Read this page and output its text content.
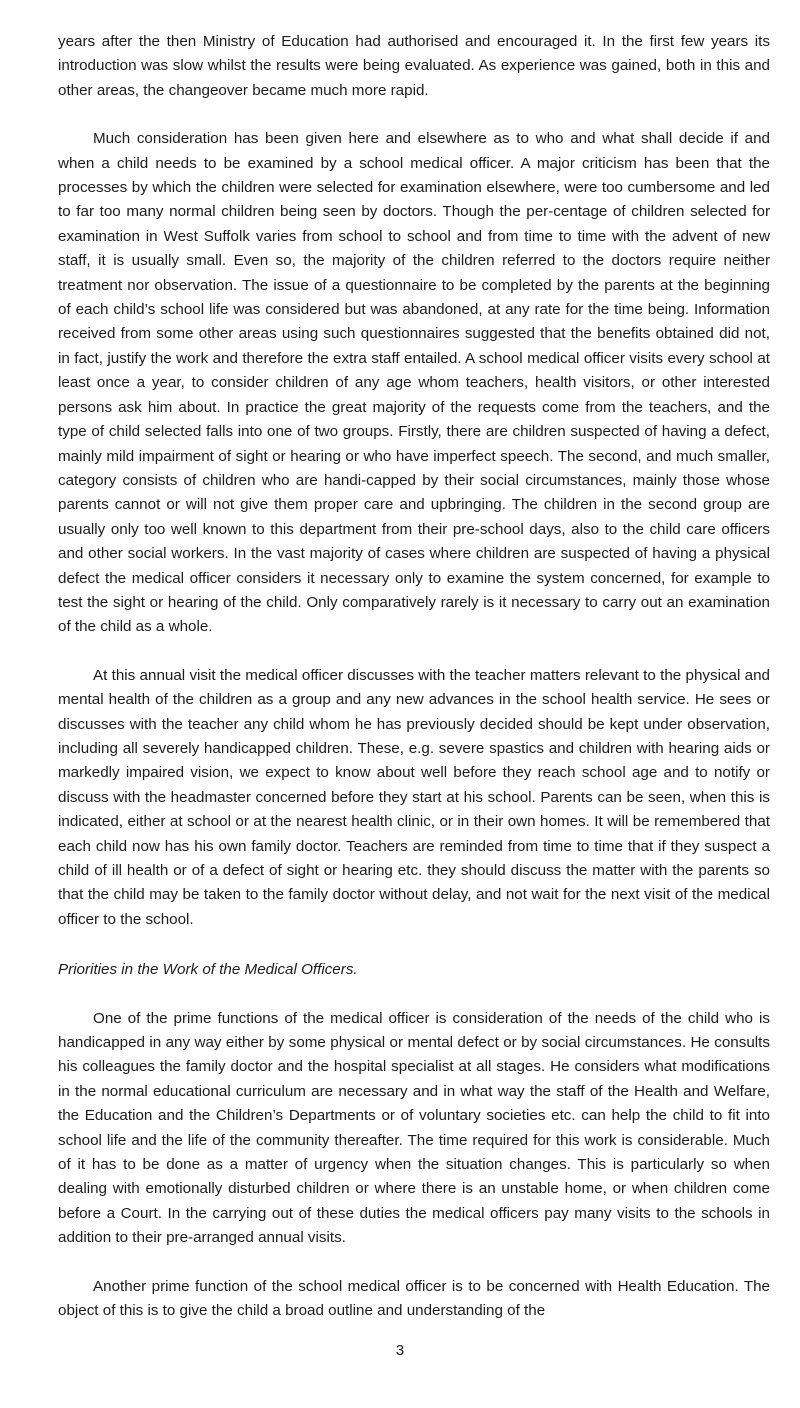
years after the then Ministry of Education had authorised and encouraged it. In the first few years its introduction was slow whilst the results were being evaluated. As experience was gained, both in this and other areas, the changeover became much more rapid.

Much consideration has been given here and elsewhere as to who and what shall decide if and when a child needs to be examined by a school medical officer. A major criticism has been that the processes by which the children were selected for examination elsewhere, were too cumbersome and led to far too many normal children being seen by doctors. Though the per-centage of children selected for examination in West Suffolk varies from school to school and from time to time with the advent of new staff, it is usually small. Even so, the majority of the children referred to the doctors require neither treatment nor observation. The issue of a questionnaire to be completed by the parents at the beginning of each child’s school life was considered but was abandoned, at any rate for the time being. Information received from some other areas using such questionnaires suggested that the benefits obtained did not, in fact, justify the work and therefore the extra staff entailed. A school medical officer visits every school at least once a year, to consider children of any age whom teachers, health visitors, or other interested persons ask him about. In practice the great majority of the requests come from the teachers, and the type of child selected falls into one of two groups. Firstly, there are children suspected of having a defect, mainly mild impairment of sight or hearing or who have imperfect speech. The second, and much smaller, category consists of children who are handi-capped by their social circumstances, mainly those whose parents cannot or will not give them proper care and upbringing. The children in the second group are usually only too well known to this department from their pre-school days, also to the child care officers and other social workers. In the vast majority of cases where children are suspected of having a physical defect the medical officer considers it necessary only to examine the system concerned, for example to test the sight or hearing of the child. Only comparatively rarely is it necessary to carry out an examination of the child as a whole.

At this annual visit the medical officer discusses with the teacher matters relevant to the physical and mental health of the children as a group and any new advances in the school health service. He sees or discusses with the teacher any child whom he has previously decided should be kept under observation, including all severely handicapped children. These, e.g. severe spastics and children with hearing aids or markedly impaired vision, we expect to know about well before they reach school age and to notify or discuss with the headmaster concerned before they start at his school. Parents can be seen, when this is indicated, either at school or at the nearest health clinic, or in their own homes. It will be remembered that each child now has his own family doctor. Teachers are reminded from time to time that if they suspect a child of ill health or of a defect of sight or hearing etc. they should discuss the matter with the parents so that the child may be taken to the family doctor without delay, and not wait for the next visit of the medical officer to the school.

Priorities in the Work of the Medical Officers.

One of the prime functions of the medical officer is consideration of the needs of the child who is handicapped in any way either by some physical or mental defect or by social circumstances. He consults his colleagues the family doctor and the hospital specialist at all stages. He considers what modifications in the normal educational curriculum are necessary and in what way the staff of the Health and Welfare, the Education and the Children’s Departments or of voluntary societies etc. can help the child to fit into school life and the life of the community thereafter. The time required for this work is considerable. Much of it has to be done as a matter of urgency when the situation changes. This is particularly so when dealing with emotionally disturbed children or where there is an unstable home, or when children come before a Court. In the carrying out of these duties the medical officers pay many visits to the schools in addition to their pre-arranged annual visits.

Another prime function of the school medical officer is to be concerned with Health Education. The object of this is to give the child a broad outline and understanding of the

3
